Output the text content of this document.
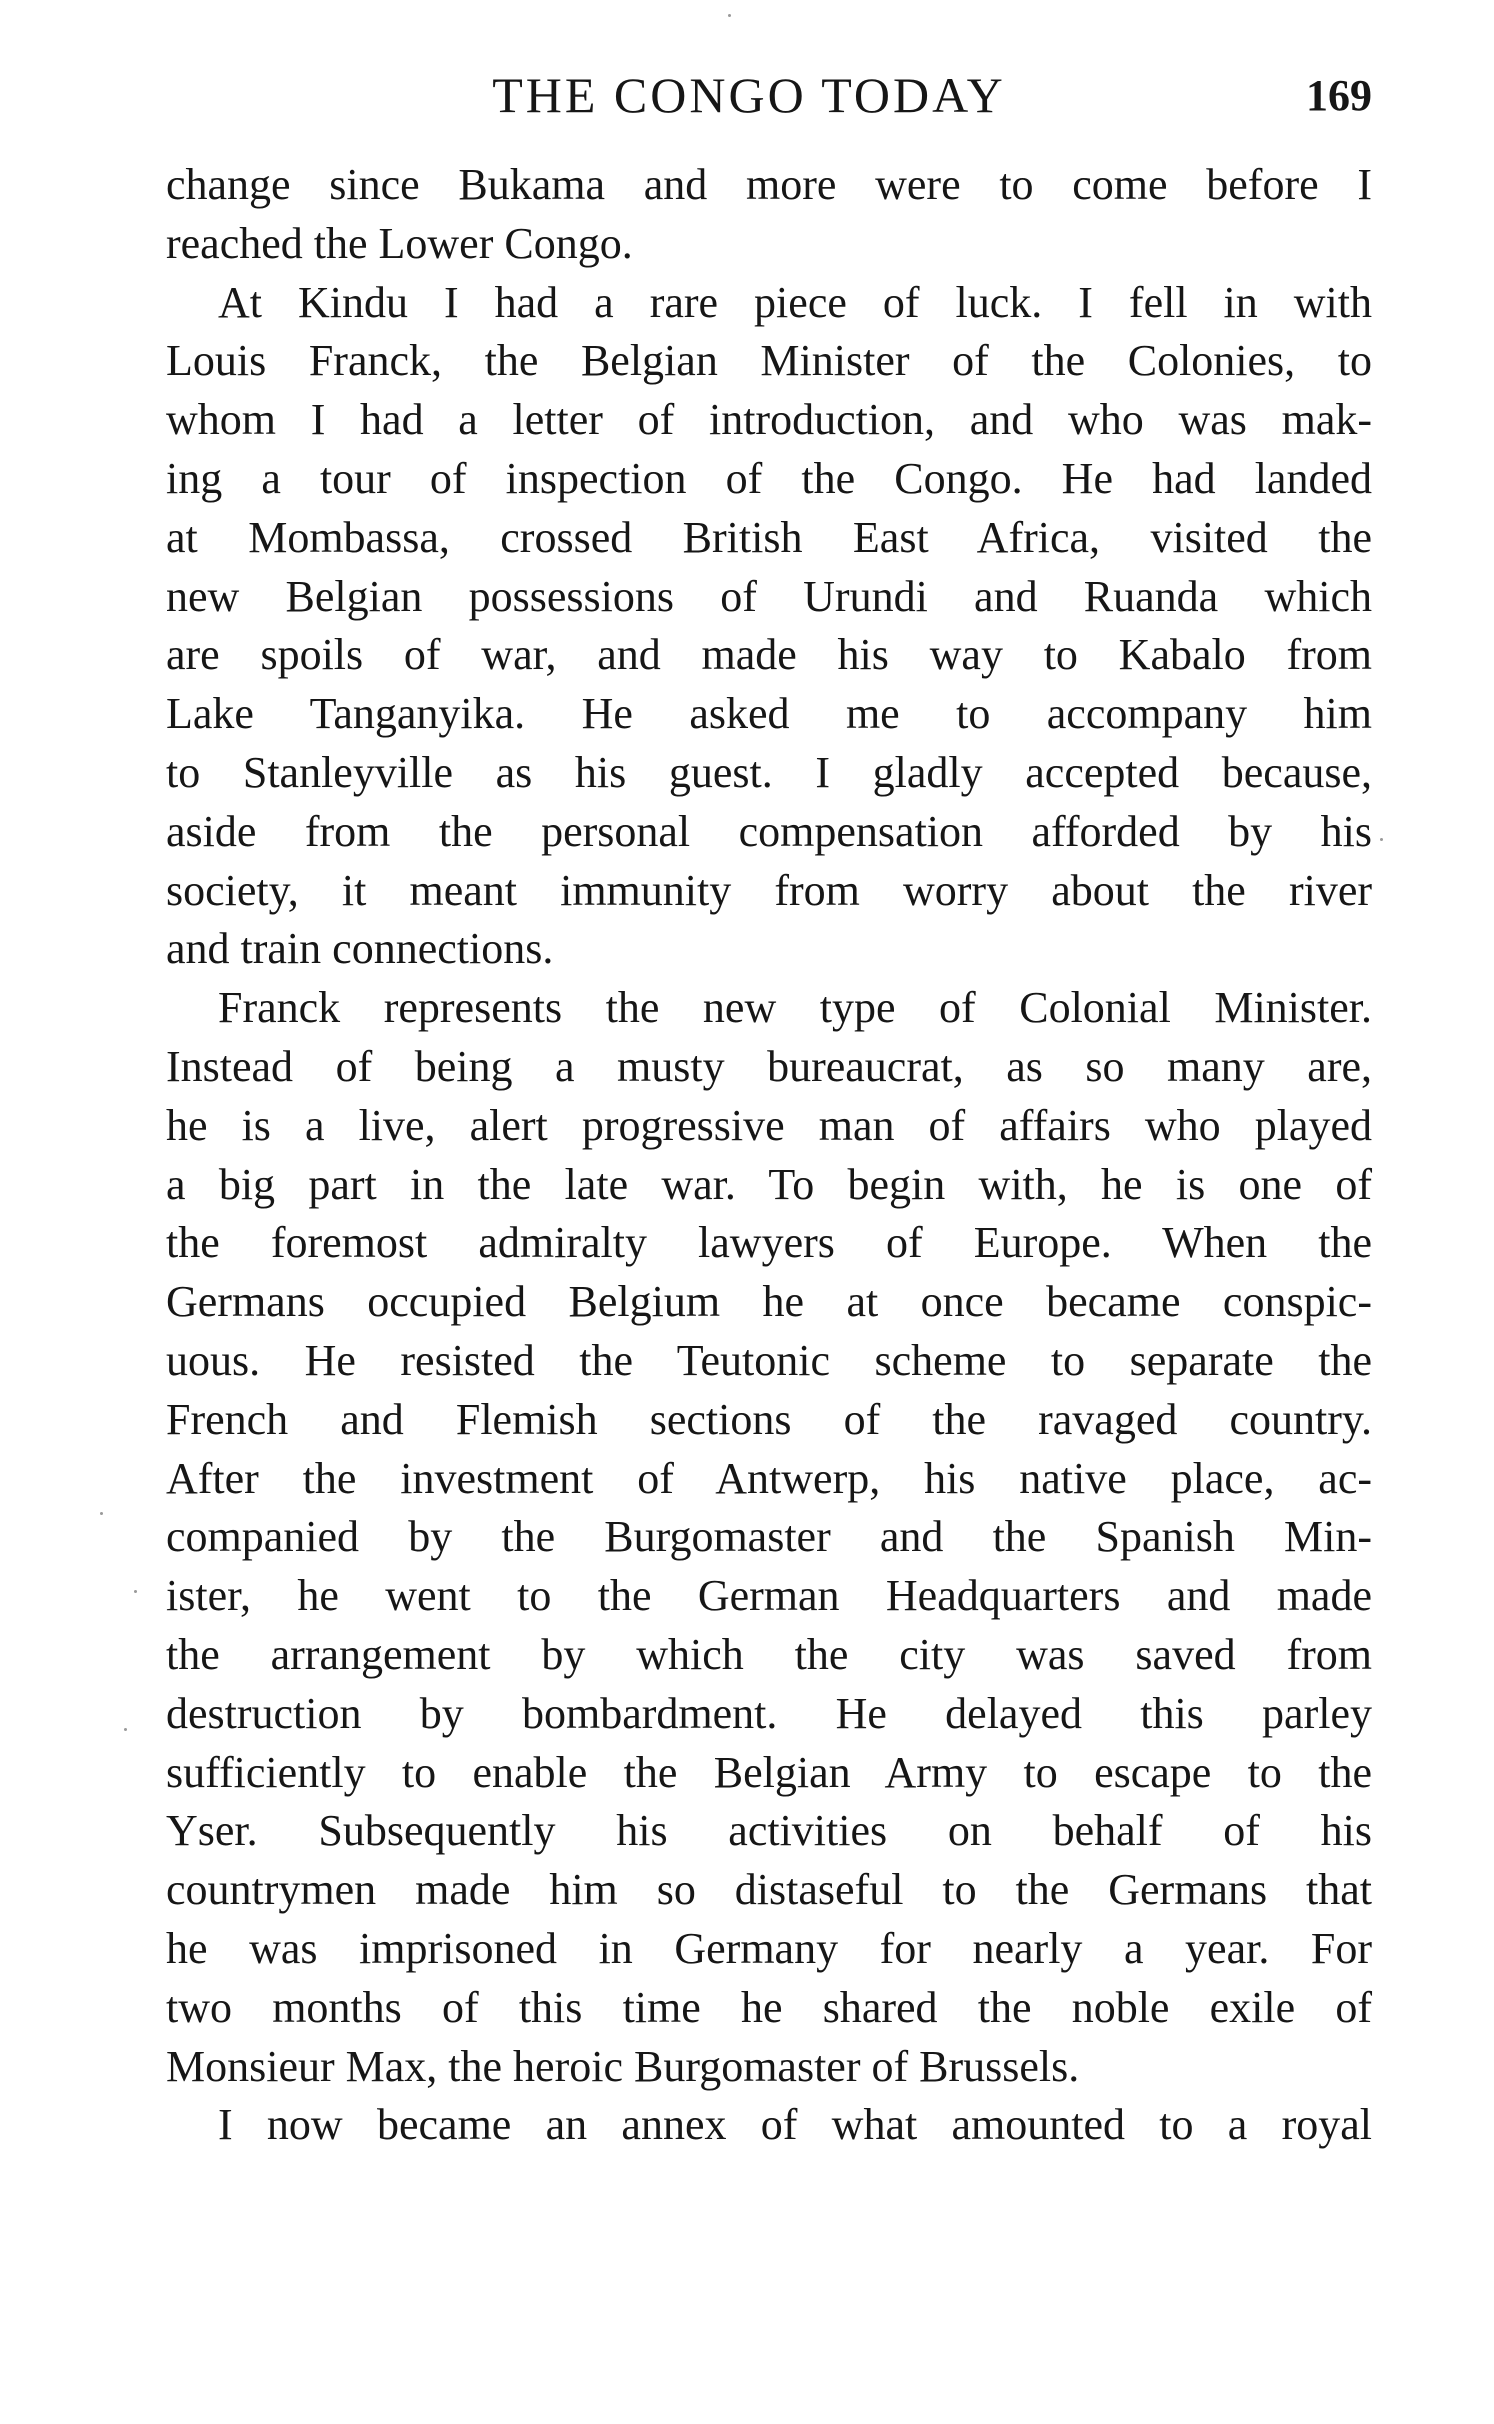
THE CONGO TODAY	169
change since Bukama and more were to come before I
reached the Lower Congo.
At Kindu I had a rare piece of luck. I fell in with
Louis Franck, the Belgian Minister of the Colonies, to
whom I had a letter of introduction, and who was mak-
ing a tour of inspection of the Congo. He had landed
at Mombassa, crossed British East Africa, visited the
new Belgian possessions of Urundi and Ruanda which
are spoils of war, and made his way to Kabalo from
Lake Tanganyika. He asked me to accompany him
to Stanleyville as his guest. I gladly accepted because,
aside from the personal compensation afforded by his
society, it meant immunity from worry about the river
and train connections.
Franck represents the new type of Colonial Minister.
Instead of being a musty bureaucrat, as so many are,
he is a live, alert progressive man of affairs who played
a big part in the late war. To begin with, he is one of
the foremost admiralty lawyers of Europe. When the
Germans occupied Belgium he at once became conspic-
uous. He resisted the Teutonic scheme to separate the
French and Flemish sections of the ravaged country.
After the investment of Antwerp, his native place, ac-
companied by the Burgomaster and the Spanish Min-
ister, he went to the German Headquarters and made
the arrangement by which the city was saved from
destruction by bombardment. He delayed this parley
sufficiently to enable the Belgian Army to escape to the
Yser. Subsequently his activities on behalf of his
countrymen made him so distaseful to the Germans that
he was imprisoned in Germany for nearly a year. For
two months of this time he shared the noble exile of
Monsieur Max, the heroic Burgomaster of Brussels.
I now became an annex of what amounted to a royal
